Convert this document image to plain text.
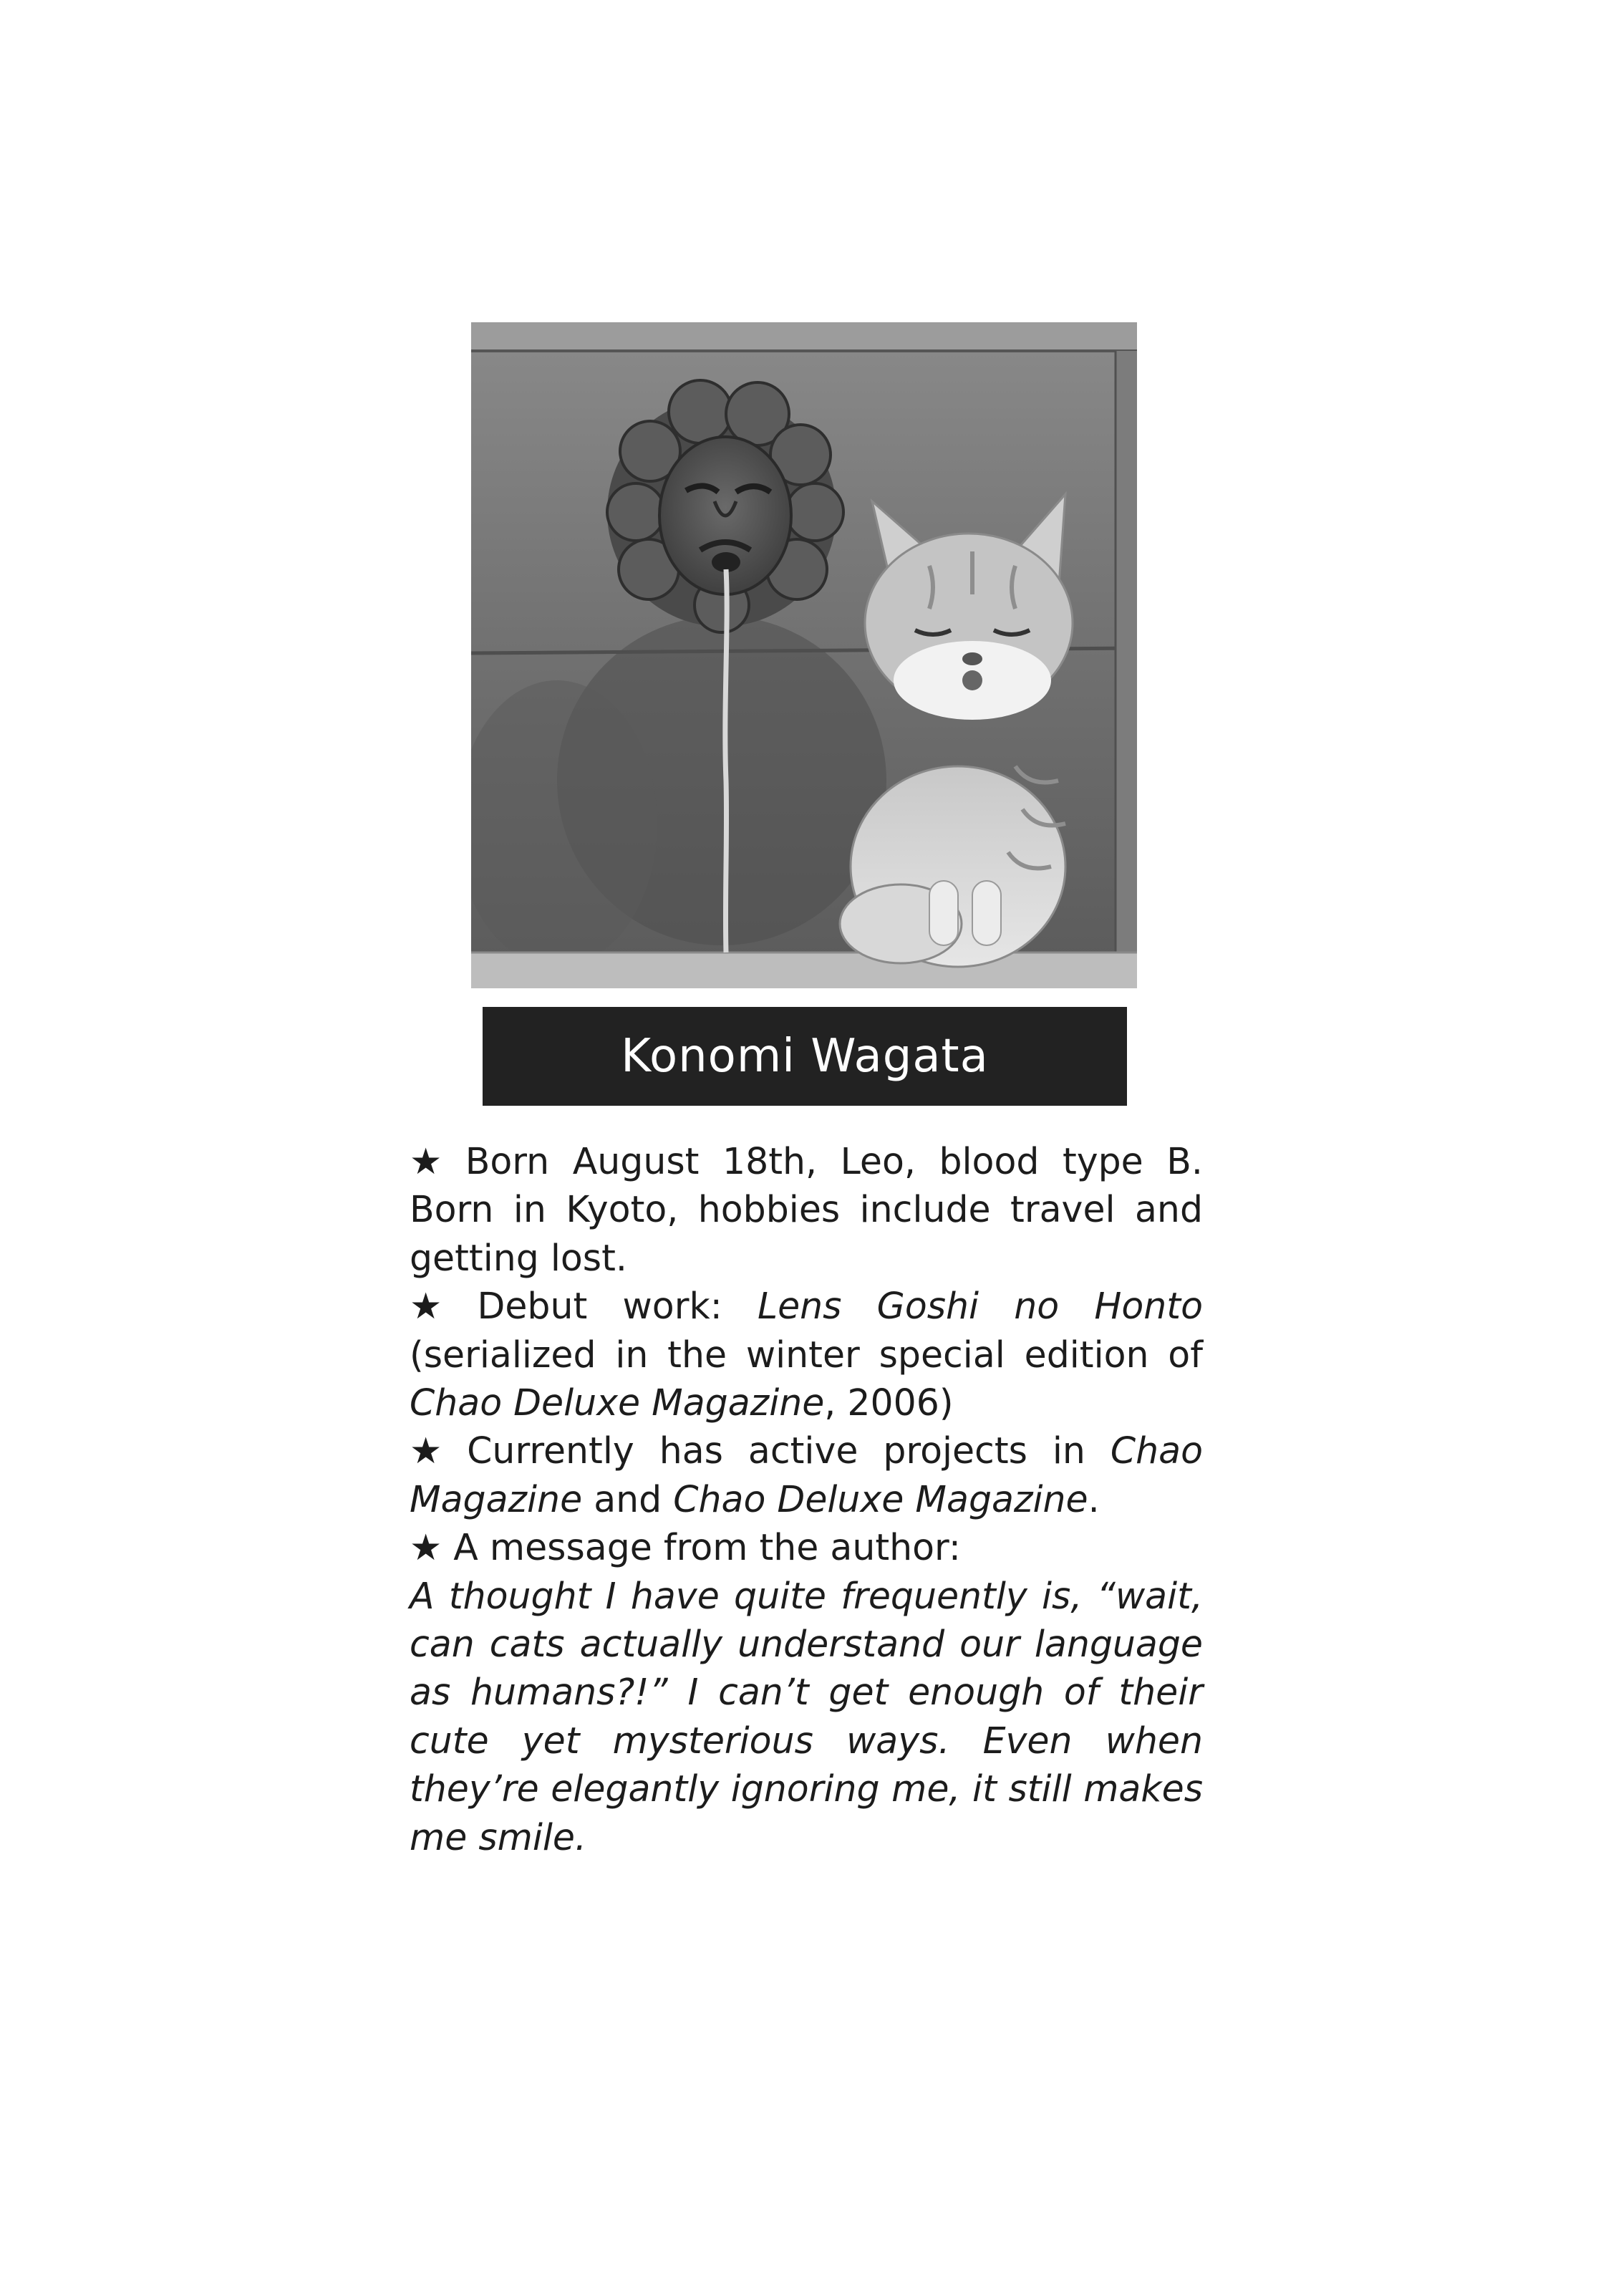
Konomi Wagata

★ Born August 18th, Leo, blood type B. Born in Kyoto, hobbies include travel and getting lost.

★ Debut work: Lens Goshi no Honto (serialized in the winter special edition of Chao Deluxe Magazine, 2006)

★ Currently has active projects in Chao Magazine and Chao Deluxe Magazine.

★ A message from the author:

A thought I have quite frequently is, “wait, can cats actually understand our language as humans?!” I can’t get enough of their cute yet mysterious ways. Even when they’re elegantly ignoring me, it still makes me smile.
